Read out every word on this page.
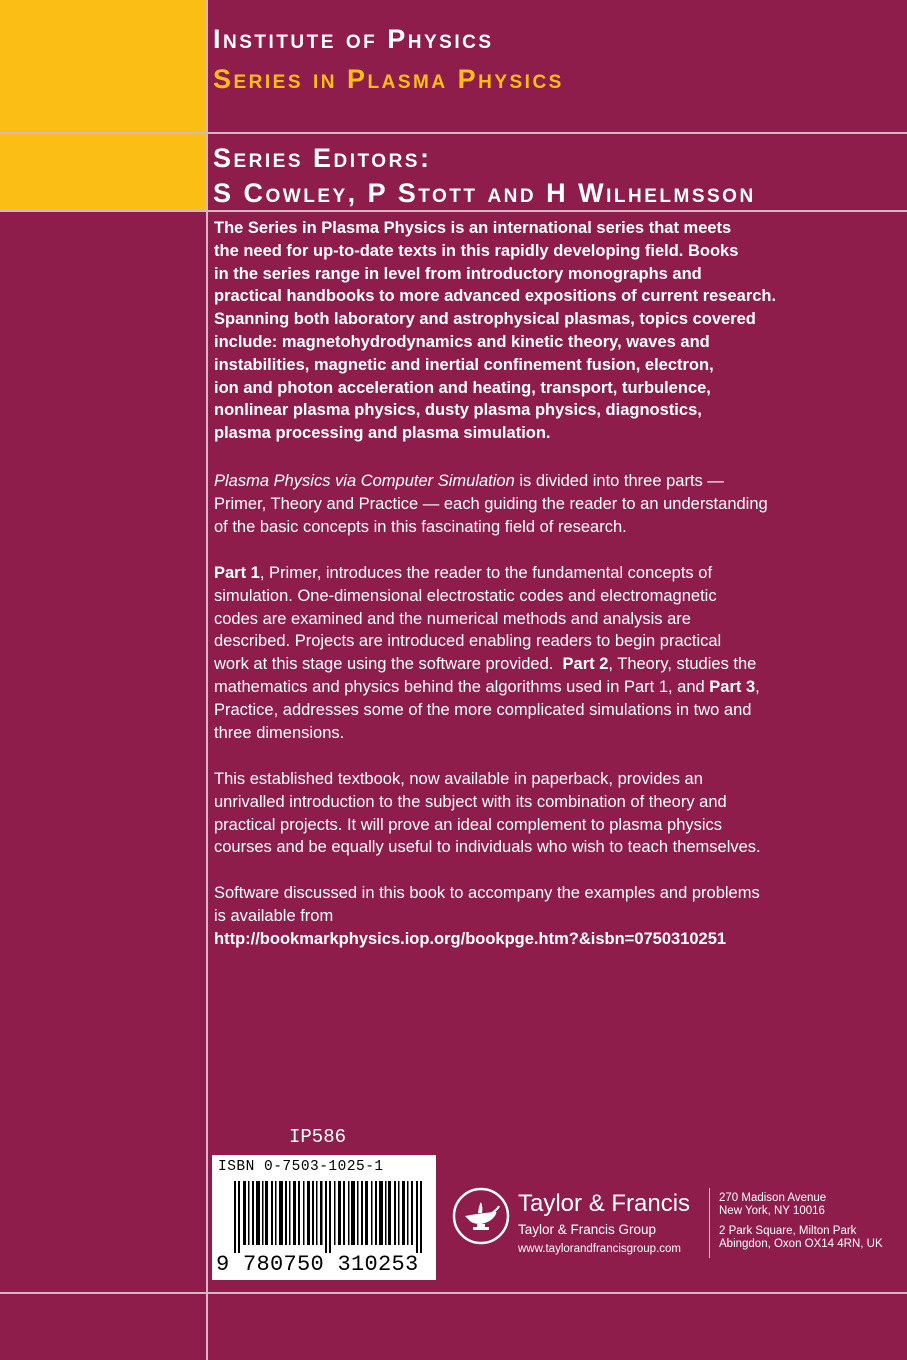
Institute of Physics
Series in Plasma Physics
Series Editors:
S Cowley, P Stott and H Wilhelmsson
The Series in Plasma Physics is an international series that meets
the need for up-to-date texts in this rapidly developing field. Books
in the series range in level from introductory monographs and
practical handbooks to more advanced expositions of current research.
Spanning both laboratory and astrophysical plasmas, topics covered
include: magnetohydrodynamics and kinetic theory, waves and
instabilities, magnetic and inertial confinement fusion, electron,
ion and photon acceleration and heating, transport, turbulence,
nonlinear plasma physics, dusty plasma physics, diagnostics,
plasma processing and plasma simulation.
Plasma Physics via Computer Simulation is divided into three parts —
Primer, Theory and Practice — each guiding the reader to an understanding
of the basic concepts in this fascinating field of research.
Part 1, Primer, introduces the reader to the fundamental concepts of
simulation. One-dimensional electrostatic codes and electromagnetic
codes are examined and the numerical methods and analysis are
described. Projects are introduced enabling readers to begin practical
work at this stage using the software provided.  Part 2, Theory, studies the
mathematics and physics behind the algorithms used in Part 1, and Part 3,
Practice, addresses some of the more complicated simulations in two and
three dimensions.
This established textbook, now available in paperback, provides an
unrivalled introduction to the subject with its combination of theory and
practical projects. It will prove an ideal complement to plasma physics
courses and be equally useful to individuals who wish to teach themselves.
Software discussed in this book to accompany the examples and problems
is available from
http://bookmarkphysics.iop.org/bookpge.htm?&isbn=0750310251
IP586
ISBN 0-7503-1025-1
9 780750 310253
Taylor & Francis
Taylor & Francis Group
www.taylorandfrancisgroup.com
270 Madison Avenue
New York, NY 10016
2 Park Square, Milton Park
Abingdon, Oxon OX14 4RN, UK
